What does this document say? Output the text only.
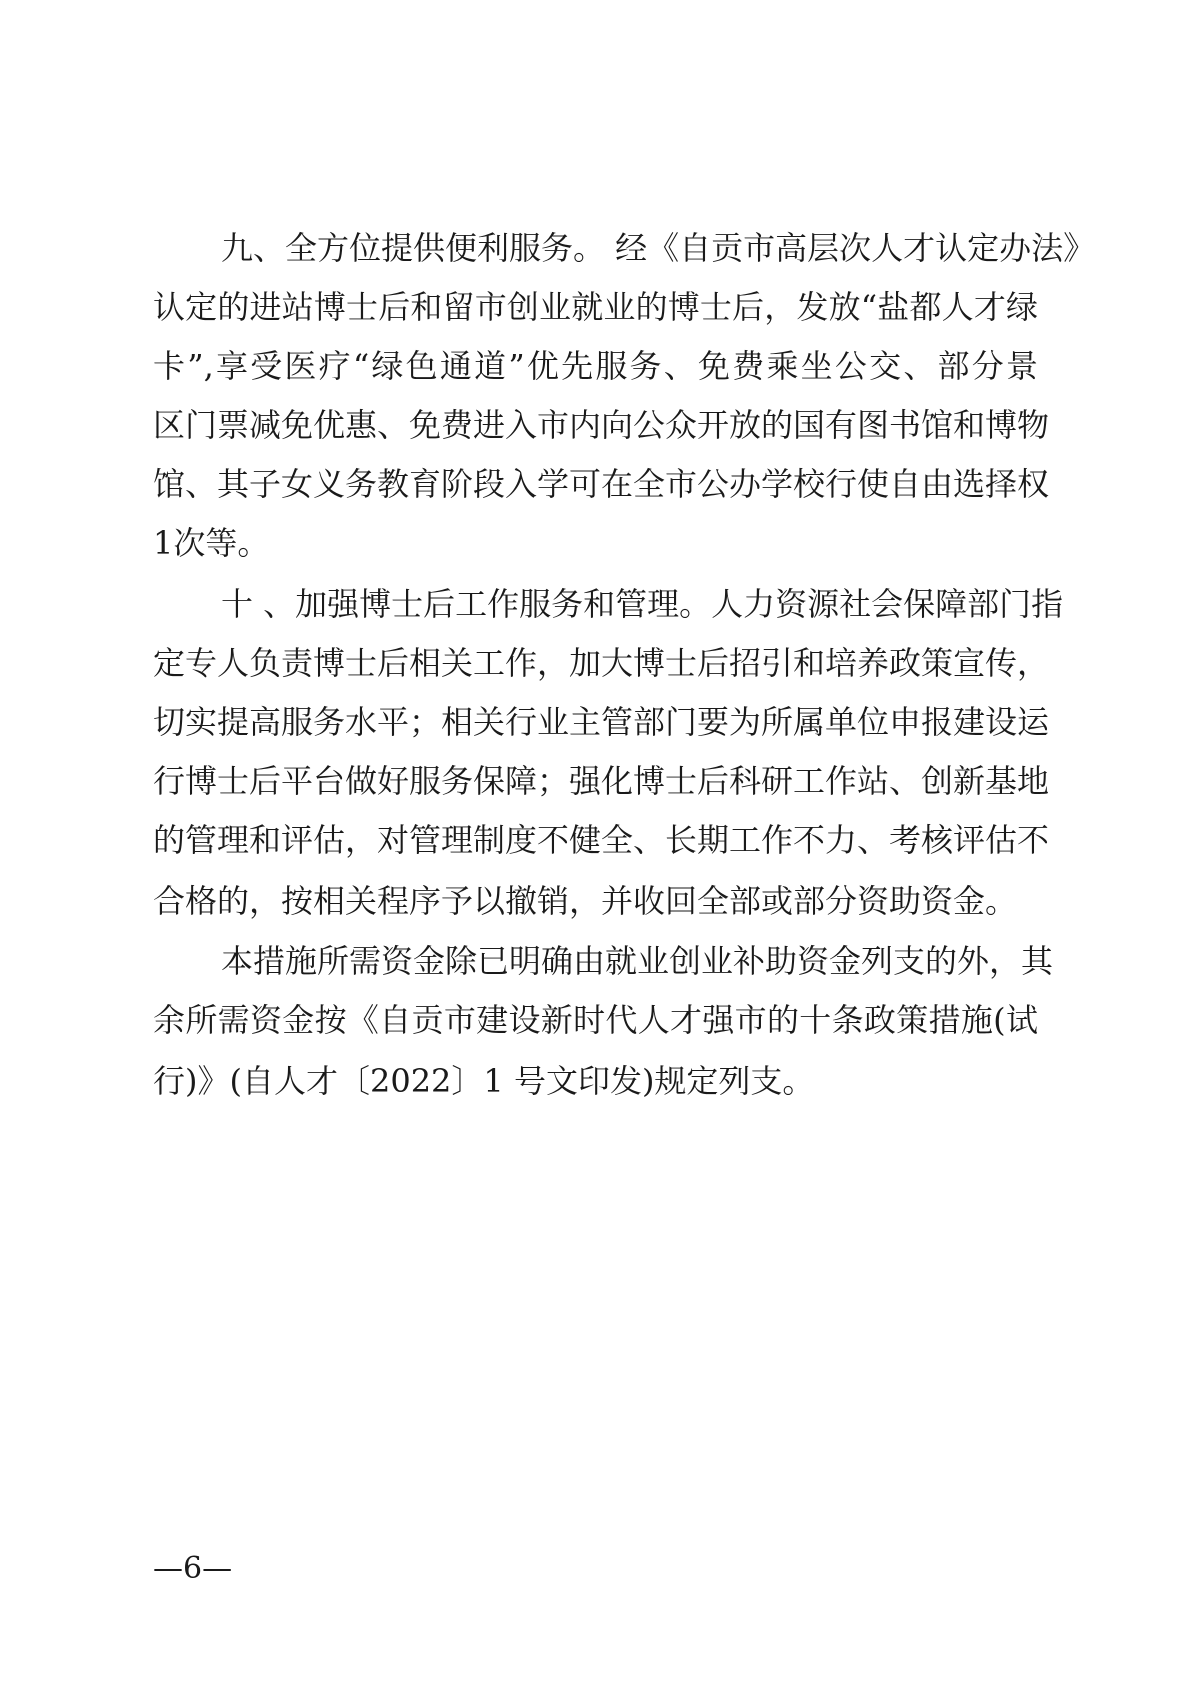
九、全方位提供便利服务。 经《自贡市高层次人才认定办法》
认定的进站博士后和留市创业就业的博士后，发放“盐都人才绿
卡”,享受医疗“绿色通道”优先服务、免费乘坐公交、部分景
区门票减免优惠、免费进入市内向公众开放的国有图书馆和博物
馆、其子女义务教育阶段入学可在全市公办学校行使自由选择权
1次等。
十 、加强博士后工作服务和管理。人力资源社会保障部门指
定专人负责博士后相关工作，加大博士后招引和培养政策宣传，
切实提高服务水平；相关行业主管部门要为所属单位申报建设运
行博士后平台做好服务保障；强化博士后科研工作站、创新基地
的管理和评估，对管理制度不健全、长期工作不力、考核评估不
合格的，按相关程序予以撤销，并收回全部或部分资助资金。
本措施所需资金除已明确由就业创业补助资金列支的外，其
余所需资金按《自贡市建设新时代人才强市的十条政策措施(试
行)》(自人才〔2022〕1 号文印发)规定列支。
—6—
